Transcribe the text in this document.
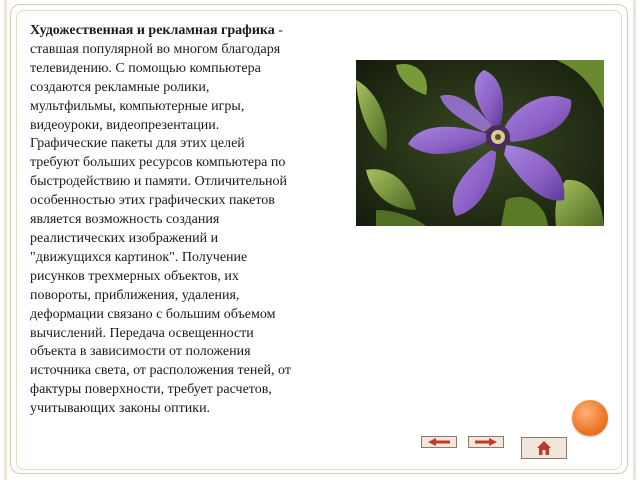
Художественная и рекламная графика - ставшая популярной во многом благодаря
телевидению. С помощью компьютера
создаются рекламные ролики,
мультфильмы, компьютерные игры,
видеоуроки, видеопрезентации.
Графические пакеты для этих целей
требуют больших ресурсов компьютера по
быстродействию и памяти. Отличительной
особенностью этих графических пакетов
является возможность создания
реалистических изображений и
"движущихся картинок". Получение
рисунков трехмерных объектов, их
повороты, приближения, удаления,
деформации связано с большим объемом
вычислений. Передача освещенности
объекта в зависимости от положения
источника света, от расположения теней, от
фактуры поверхности, требует расчетов,
учитывающих законы оптики.
